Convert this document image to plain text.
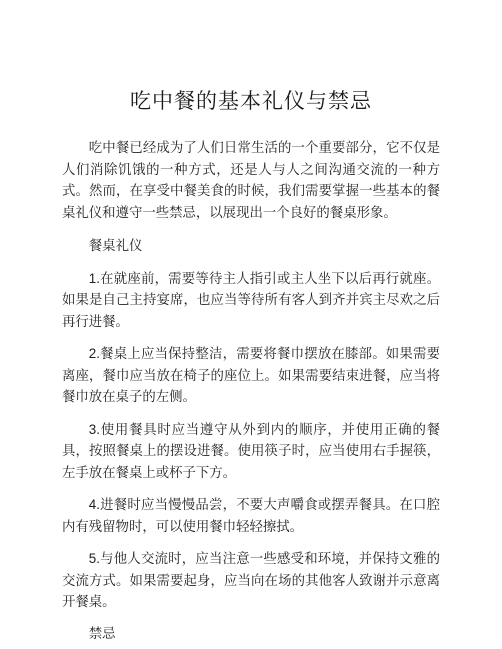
吃中餐的基本礼仪与禁忌

吃中餐已经成为了人们日常生活的一个重要部分，它不仅是人们消除饥饿的一种方式，还是人与人之间沟通交流的一种方式。然而，在享受中餐美食的时候，我们需要掌握一些基本的餐桌礼仪和遵守一些禁忌，以展现出一个良好的餐桌形象。

餐桌礼仪

1.在就座前，需要等待主人指引或主人坐下以后再行就座。如果是自己主持宴席，也应当等待所有客人到齐并宾主尽欢之后再行进餐。

2.餐桌上应当保持整洁，需要将餐巾摆放在膝部。如果需要离座，餐巾应当放在椅子的座位上。如果需要结束进餐，应当将餐巾放在桌子的左侧。

3.使用餐具时应当遵守从外到内的顺序，并使用正确的餐具，按照餐桌上的摆设进餐。使用筷子时，应当使用右手握筷，左手放在餐桌上或杯子下方。

4.进餐时应当慢慢品尝，不要大声嚼食或摆弄餐具。在口腔内有残留物时，可以使用餐巾轻轻擦拭。

5.与他人交流时，应当注意一些感受和环境，并保持文雅的交流方式。如果需要起身，应当向在场的其他客人致谢并示意离开餐桌。

禁忌
